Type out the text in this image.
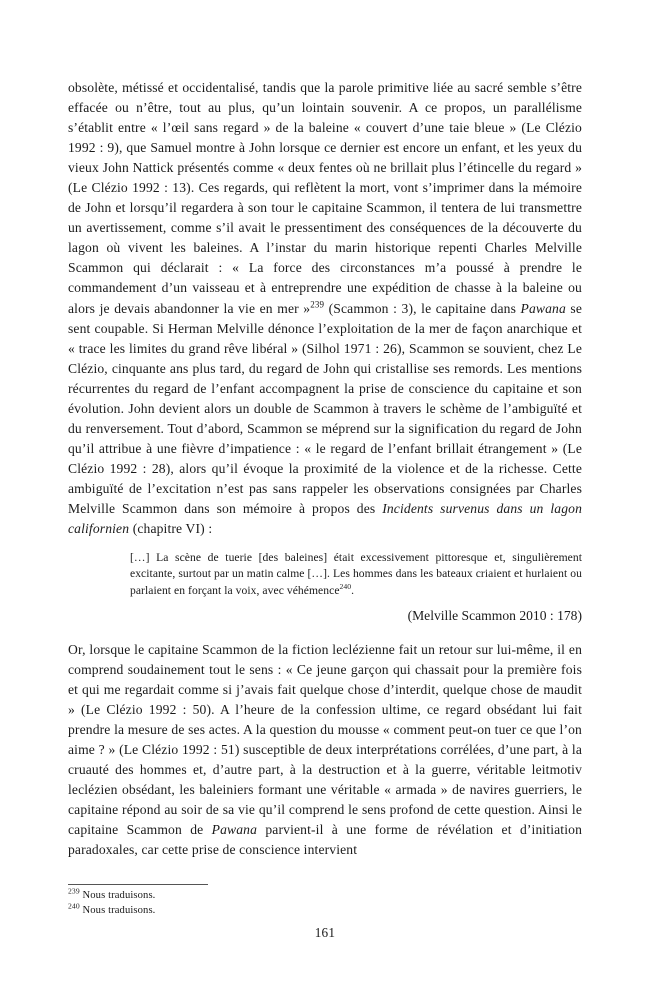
obsolète, métissé et occidentalisé, tandis que la parole primitive liée au sacré semble s’être effacée ou n’être, tout au plus, qu’un lointain souvenir. A ce propos, un parallélisme s’établit entre « l’œil sans regard » de la baleine « couvert d’une taie bleue » (Le Clézio 1992 : 9), que Samuel montre à John lorsque ce dernier est encore un enfant, et les yeux du vieux John Nattick présentés comme « deux fentes où ne brillait plus l’étincelle du regard » (Le Clézio 1992 : 13). Ces regards, qui reflètent la mort, vont s’imprimer dans la mémoire de John et lorsqu’il regardera à son tour le capitaine Scammon, il tentera de lui transmettre un avertissement, comme s’il avait le pressentiment des conséquences de la découverte du lagon où vivent les baleines. A l’instar du marin historique repenti Charles Melville Scammon qui déclarait : « La force des circonstances m’a poussé à prendre le commandement d’un vaisseau et à entreprendre une expédition de chasse à la baleine ou alors je devais abandonner la vie en mer »$^{239}$ (Scammon : 3), le capitaine dans Pawana se sent coupable. Si Herman Melville dénonce l’exploitation de la mer de façon anarchique et « trace les limites du grand rêve libéral » (Silhol 1971 : 26), Scammon se souvient, chez Le Clézio, cinquante ans plus tard, du regard de John qui cristallise ses remords. Les mentions récurrentes du regard de l’enfant accompagnent la prise de conscience du capitaine et son évolution. John devient alors un double de Scammon à travers le schème de l’ambiguïté et du renversement. Tout d’abord, Scammon se méprend sur la signification du regard de John qu’il attribue à une fièvre d’impatience : « le regard de l’enfant brillait étrangement » (Le Clézio 1992 : 28), alors qu’il évoque la proximité de la violence et de la richesse. Cette ambiguïté de l’excitation n’est pas sans rappeler les observations consignées par Charles Melville Scammon dans son mémoire à propos des Incidents survenus dans un lagon californien (chapitre VI) :

[…] La scène de tuerie [des baleines] était excessivement pittoresque et, singulièrement excitante, surtout par un matin calme […]. Les hommes dans les bateaux criaient et hurlaient ou parlaient en forçant la voix, avec véhémence$^{240}$.

(Melville Scammon 2010 : 178)

Or, lorsque le capitaine Scammon de la fiction leclézienne fait un retour sur lui-même, il en comprend soudainement tout le sens : « Ce jeune garçon qui chassait pour la première fois et qui me regardait comme si j’avais fait quelque chose d’interdit, quelque chose de maudit » (Le Clézio 1992 : 50). A l’heure de la confession ultime, ce regard obsédant lui fait prendre la mesure de ses actes. A la question du mousse « comment peut-on tuer ce que l’on aime ? » (Le Clézio 1992 : 51) susceptible de deux interprétations corrélées, d’une part, à la cruauté des hommes et, d’autre part, à la destruction et à la guerre, véritable leitmotiv leclézien obsédant, les baleiniers formant une véritable « armada » de navires guerriers, le capitaine répond au soir de sa vie qu’il comprend le sens profond de cette question. Ainsi le capitaine Scammon de Pawana parvient-il à une forme de révélation et d’initiation paradoxales, car cette prise de conscience intervient

$^{239}$ Nous traduisons.

$^{240}$ Nous traduisons.

161
